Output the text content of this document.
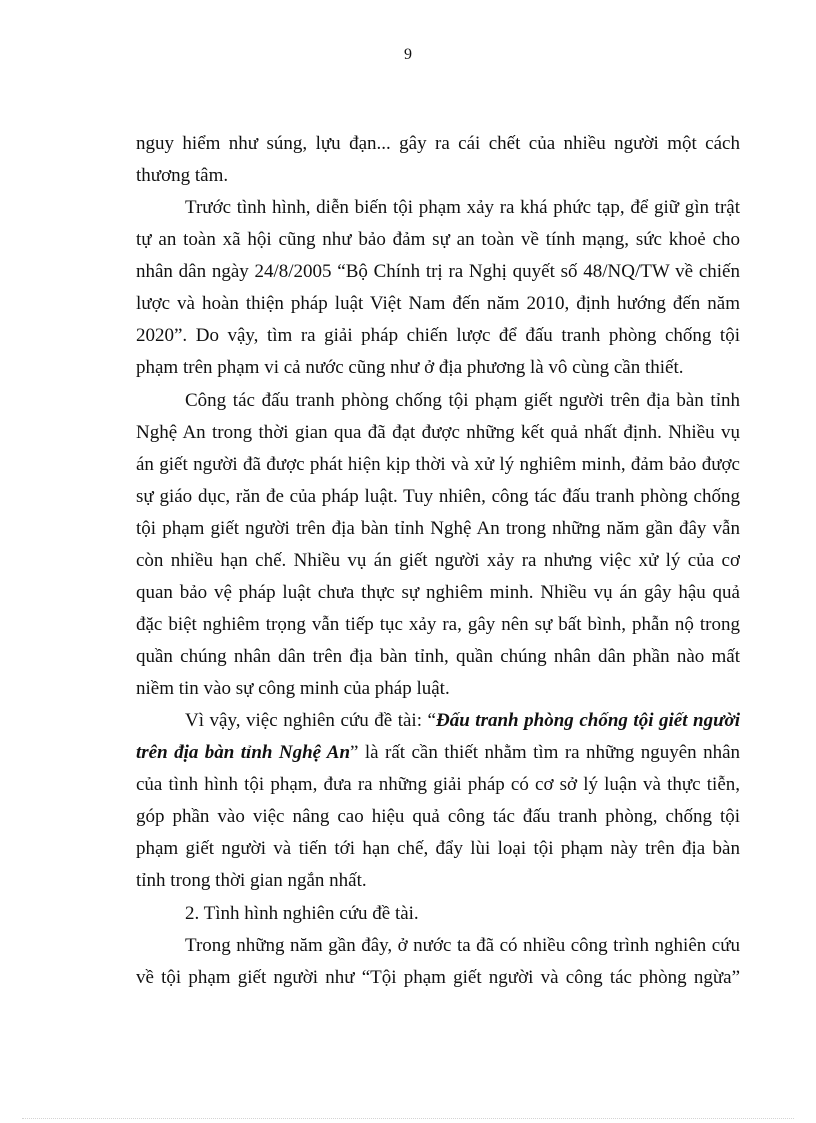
9
nguy hiểm như súng, lựu đạn... gây ra cái chết của nhiều người một cách
thương tâm.
Trước tình hình, diễn biến tội phạm xảy ra khá phức tạp, để giữ gìn trật
tự an toàn xã hội cũng như bảo đảm sự an toàn về tính mạng, sức khoẻ cho
nhân dân ngày 24/8/2005 “Bộ Chính trị ra Nghị quyết số 48/NQ/TW về chiến
lược và hoàn thiện pháp luật Việt Nam đến năm 2010, định hướng đến năm
2020”. Do vậy, tìm ra giải pháp chiến lược để đấu tranh phòng chống tội
phạm trên phạm vi cả nước cũng như ở địa phương là vô cùng cần thiết.
Công tác đấu tranh phòng chống tội phạm giết người trên địa bàn tỉnh
Nghệ An trong thời gian qua đã đạt được những kết quả nhất định. Nhiều vụ
án giết người đã được phát hiện kịp thời và xử lý nghiêm minh, đảm bảo được
sự giáo dục, răn đe của pháp luật. Tuy nhiên, công tác đấu tranh phòng chống
tội phạm giết người trên địa bàn tỉnh Nghệ An trong những năm gần đây vẫn
còn nhiều hạn chế. Nhiều vụ án giết người xảy ra nhưng việc xử lý của cơ
quan bảo vệ pháp luật chưa thực sự nghiêm minh. Nhiều vụ án gây hậu quả
đặc biệt nghiêm trọng vẫn tiếp tục xảy ra, gây nên sự bất bình, phẫn nộ trong
quần chúng nhân dân trên địa bàn tỉnh, quần chúng nhân dân phần nào mất
niềm tin vào sự công minh của pháp luật.
Vì vậy, việc nghiên cứu đề tài: “Đấu tranh phòng chống tội giết người
trên địa bàn tỉnh Nghệ An” là rất cần thiết nhằm tìm ra những nguyên nhân
của tình hình tội phạm, đưa ra những giải pháp có cơ sở lý luận và thực tiễn,
góp phần vào việc nâng cao hiệu quả công tác đấu tranh phòng, chống tội
phạm giết người và tiến tới hạn chế, đẩy lùi loại tội phạm này trên địa bàn
tỉnh trong thời gian ngắn nhất.
2. Tình hình nghiên cứu đề tài.
Trong những năm gần đây, ở nước ta đã có nhiều công trình nghiên cứu
về tội phạm giết người như “Tội phạm giết người và công tác phòng ngừa”
